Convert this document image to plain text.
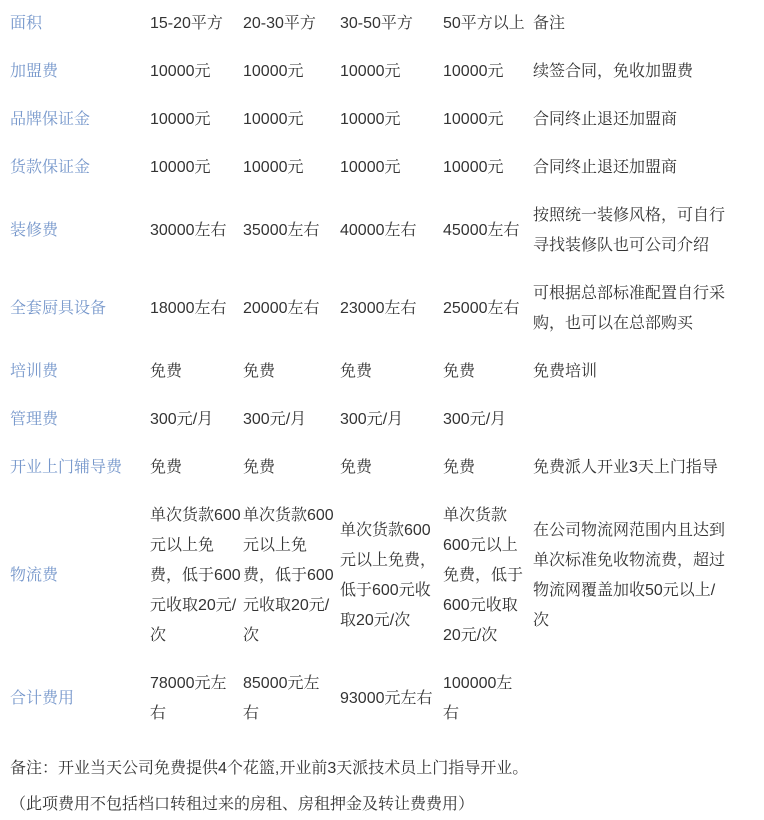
面积	15-20平方	20-30平方	30-50平方	50平方以上	备注
加盟费	10000元	10000元	10000元	10000元	续签合同，免收加盟费
品牌保证金	10000元	10000元	10000元	10000元	合同终止退还加盟商
货款保证金	10000元	10000元	10000元	10000元	合同终止退还加盟商
装修费	30000左右	35000左右	40000左右	45000左右	按照统一装修风格，可自行寻找装修队也可公司介绍
全套厨具设备	18000左右	20000左右	23000左右	25000左右	可根据总部标准配置自行采购，也可以在总部购买
培训费	免费	免费	免费	免费	免费培训
管理费	300元/月	300元/月	300元/月	300元/月	
开业上门辅导费	免费	免费	免费	免费	免费派人开业3天上门指导
物流费	单次货款600元以上免费，低于600元收取20元/次	单次货款600元以上免费，低于600元收取20元/次	单次货款600元以上免费，低于600元收取20元/次	单次货款600元以上免费，低于600元收取20元/次	在公司物流网范围内且达到单次标准免收物流费，超过物流网覆盖加收50元以上/次
合计费用	78000元左右	85000元左右	93000元左右	100000左右	

备注：开业当天公司免费提供4个花篮,开业前3天派技术员上门指导开业。

（此项费用不包括档口转租过来的房租、房租押金及转让费费用）
